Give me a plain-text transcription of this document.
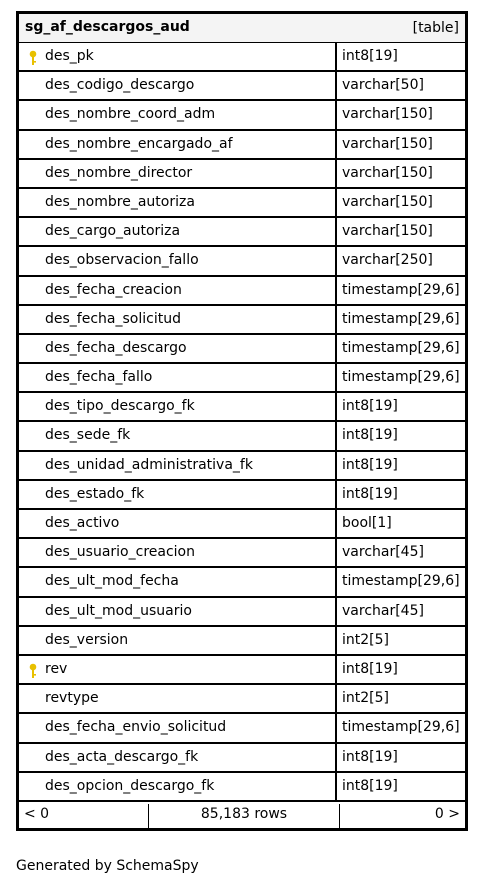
sg_af_descargos_aud	[table]
des_pk	int8[19]
des_codigo_descargo	varchar[50]
des_nombre_coord_adm	varchar[150]
des_nombre_encargado_af	varchar[150]
des_nombre_director	varchar[150]
des_nombre_autoriza	varchar[150]
des_cargo_autoriza	varchar[150]
des_observacion_fallo	varchar[250]
des_fecha_creacion	timestamp[29,6]
des_fecha_solicitud	timestamp[29,6]
des_fecha_descargo	timestamp[29,6]
des_fecha_fallo	timestamp[29,6]
des_tipo_descargo_fk	int8[19]
des_sede_fk	int8[19]
des_unidad_administrativa_fk	int8[19]
des_estado_fk	int8[19]
des_activo	bool[1]
des_usuario_creacion	varchar[45]
des_ult_mod_fecha	timestamp[29,6]
des_ult_mod_usuario	varchar[45]
des_version	int2[5]
rev	int8[19]
revtype	int2[5]
des_fecha_envio_solicitud	timestamp[29,6]
des_acta_descargo_fk	int8[19]
des_opcion_descargo_fk	int8[19]
< 0	85,183 rows	0 >
Generated by SchemaSpy
